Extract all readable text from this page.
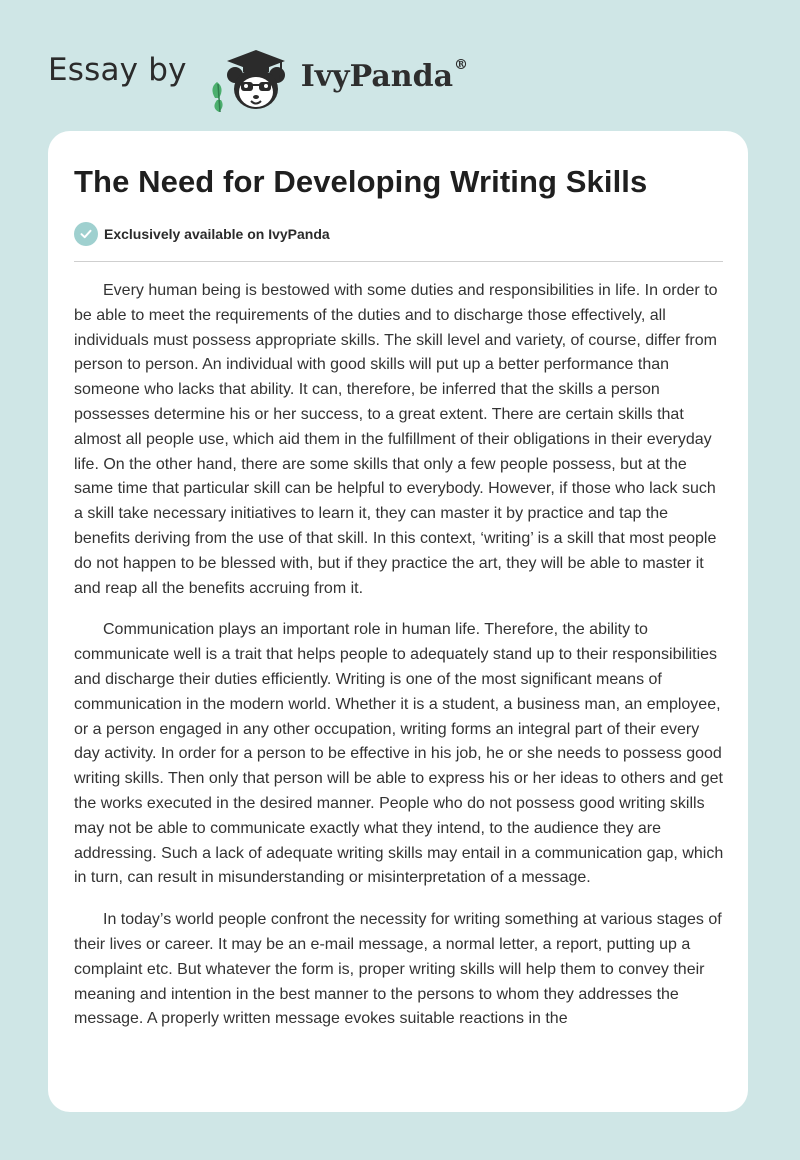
Essay by	IvyPanda®
The Need for Developing Writing Skills
Exclusively available on IvyPanda

Every human being is bestowed with some duties and responsibilities in life. In order to be able to meet the requirements of the duties and to discharge those effectively, all individuals must possess appropriate skills. The skill level and variety, of course, differ from person to person. An individual with good skills will put up a better performance than someone who lacks that ability. It can, therefore, be inferred that the skills a person possesses determine his or her success, to a great extent. There are certain skills that almost all people use, which aid them in the fulfillment of their obligations in their everyday life. On the other hand, there are some skills that only a few people possess, but at the same time that particular skill can be helpful to everybody. However, if those who lack such a skill take necessary initiatives to learn it, they can master it by practice and tap the benefits deriving from the use of that skill. In this context, ‘writing’ is a skill that most people do not happen to be blessed with, but if they practice the art, they will be able to master it and reap all the benefits accruing from it.

Communication plays an important role in human life. Therefore, the ability to communicate well is a trait that helps people to adequately stand up to their responsibilities and discharge their duties efficiently. Writing is one of the most significant means of communication in the modern world. Whether it is a student, a business man, an employee, or a person engaged in any other occupation, writing forms an integral part of their every day activity. In order for a person to be effective in his job, he or she needs to possess good writing skills. Then only that person will be able to express his or her ideas to others and get the works executed in the desired manner. People who do not possess good writing skills may not be able to communicate exactly what they intend, to the audience they are addressing. Such a lack of adequate writing skills may entail in a communication gap, which in turn, can result in misunderstanding or misinterpretation of a message.

In today’s world people confront the necessity for writing something at various stages of their lives or career. It may be an e-mail message, a normal letter, a report, putting up a complaint etc. But whatever the form is, proper writing skills will help them to convey their meaning and intention in the best manner to the persons to whom they addresses the message. A properly written message evokes suitable reactions in the
